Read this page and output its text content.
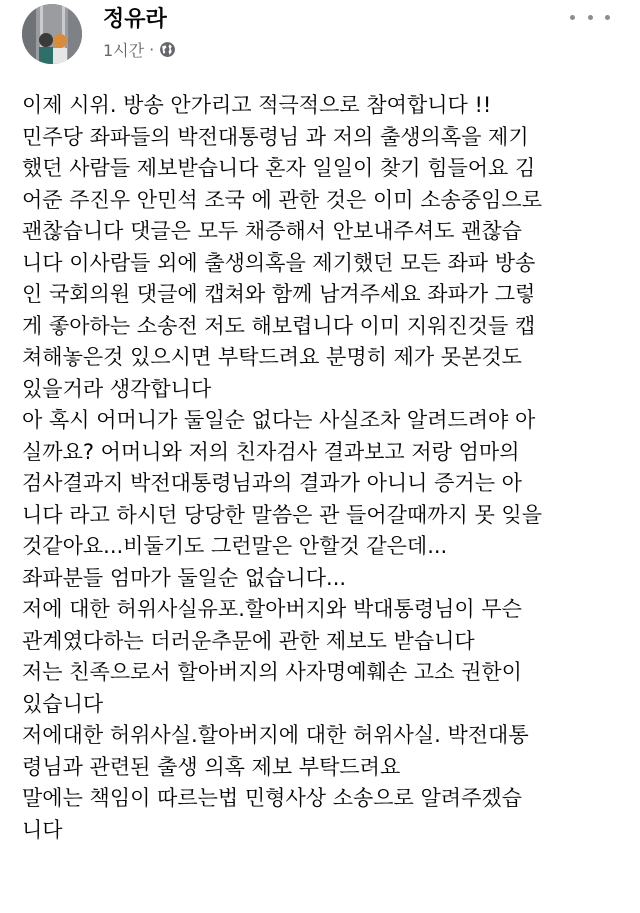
정유라
1시간 ·

이제 시위. 방송 안가리고 적극적으로 참여합니다 !!
민주당 좌파들의 박전대통령님 과 저의 출생의혹을 제기
했던 사람들 제보받습니다 혼자 일일이 찾기 힘들어요 김
어준 주진우 안민석 조국 에 관한 것은 이미 소송중임으로
괜찮습니다 댓글은 모두 채증해서 안보내주셔도 괜찮습
니다 이사람들 외에 출생의혹을 제기했던 모든 좌파 방송
인 국회의원 댓글에 캡쳐와 함께 남겨주세요 좌파가 그렇
게 좋아하는 소송전 저도 해보렵니다 이미 지워진것들 캡
쳐해놓은것 있으시면 부탁드려요 분명히 제가 못본것도
있을거라 생각합니다

아 혹시 어머니가 둘일순 없다는 사실조차 알려드려야 아
실까요? 어머니와 저의 친자검사 결과보고 저랑 엄마의
검사결과지 박전대통령님과의 결과가 아니니 증거는 아
니다 라고 하시던 당당한 말씀은 관 들어갈때까지 못 잊을
것같아요...비둘기도 그런말은 안할것 같은데...
좌파분들 엄마가 둘일순 없습니다...

저에 대한 허위사실유포.할아버지와 박대통령님이 무슨
관계였다하는 더러운추문에 관한 제보도 받습니다
저는 친족으로서 할아버지의 사자명예훼손 고소 권한이
있습니다
저에대한 허위사실.할아버지에 대한 허위사실. 박전대통
령님과 관련된 출생 의혹 제보 부탁드려요
말에는 책임이 따르는법 민형사상 소송으로 알려주겠습
니다
